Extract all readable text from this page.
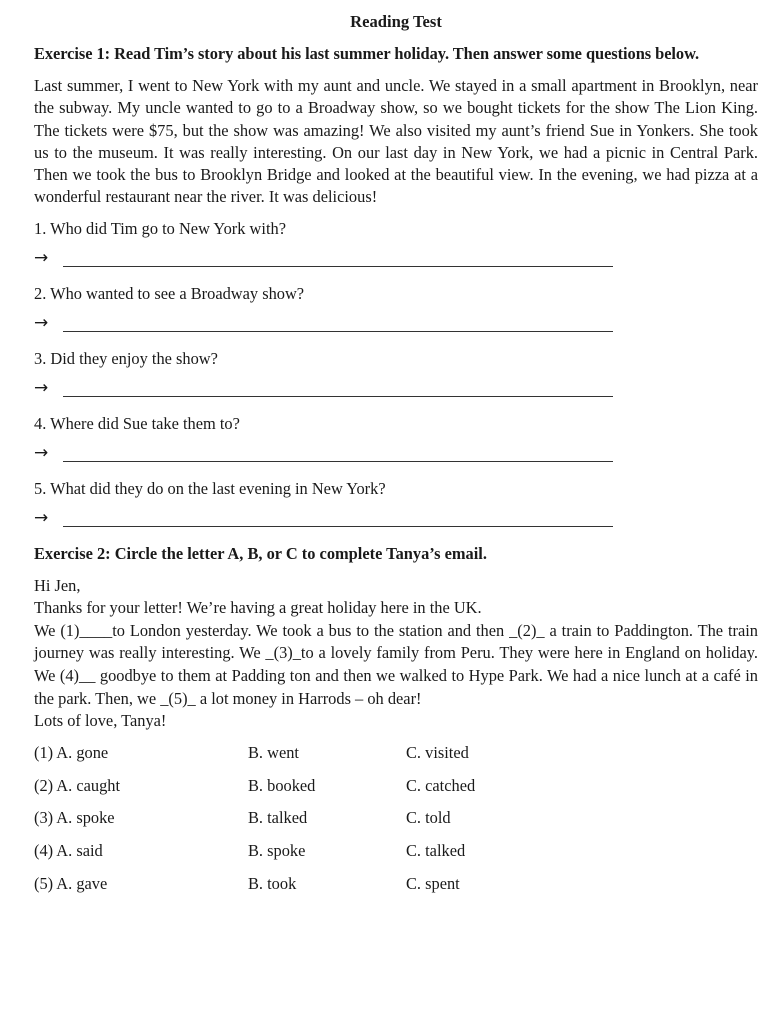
Reading Test
Exercise 1: Read Tim’s story about his last summer holiday. Then answer some questions below.
Last summer, I went to New York with my aunt and uncle. We stayed in a small apartment in Brooklyn, near the subway. My uncle wanted to go to a Broadway show, so we bought tickets for the show The Lion King. The tickets were $75, but the show was amazing! We also visited my aunt’s friend Sue in Yonkers. She took us to the museum. It was really interesting. On our last day in New York, we had a picnic in Central Park. Then we took the bus to Brooklyn Bridge and looked at the beautiful view. In the evening, we had pizza at a wonderful restaurant near the river. It was delicious!
1. Who did Tim go to New York with?
→
2. Who wanted to see a Broadway show?
→
3. Did they enjoy the show?
→
4. Where did Sue take them to?
→
5. What did they do on the last evening in New York?
→
Exercise 2: Circle the letter A, B, or C to complete Tanya’s email.
Hi Jen,
Thanks for your letter! We’re having a great holiday here in the UK.
We (1)____to London yesterday. We took a bus to the station and then _(2)_ a train to Paddington. The train journey was really interesting. We _(3)_to a lovely family from Peru. They were here in England on holiday. We (4)__ goodbye to them at Padding ton and then we walked to Hype Park. We had a nice lunch at a café in the park. Then, we _(5)_ a lot money in Harrods – oh dear!
Lots of love, Tanya!
(1) A. gone	B. went	C. visited
(2) A. caught	B. booked	C. catched
(3) A. spoke	B. talked	C. told
(4) A. said	B. spoke	C. talked
(5) A. gave	B. took	C. spent
